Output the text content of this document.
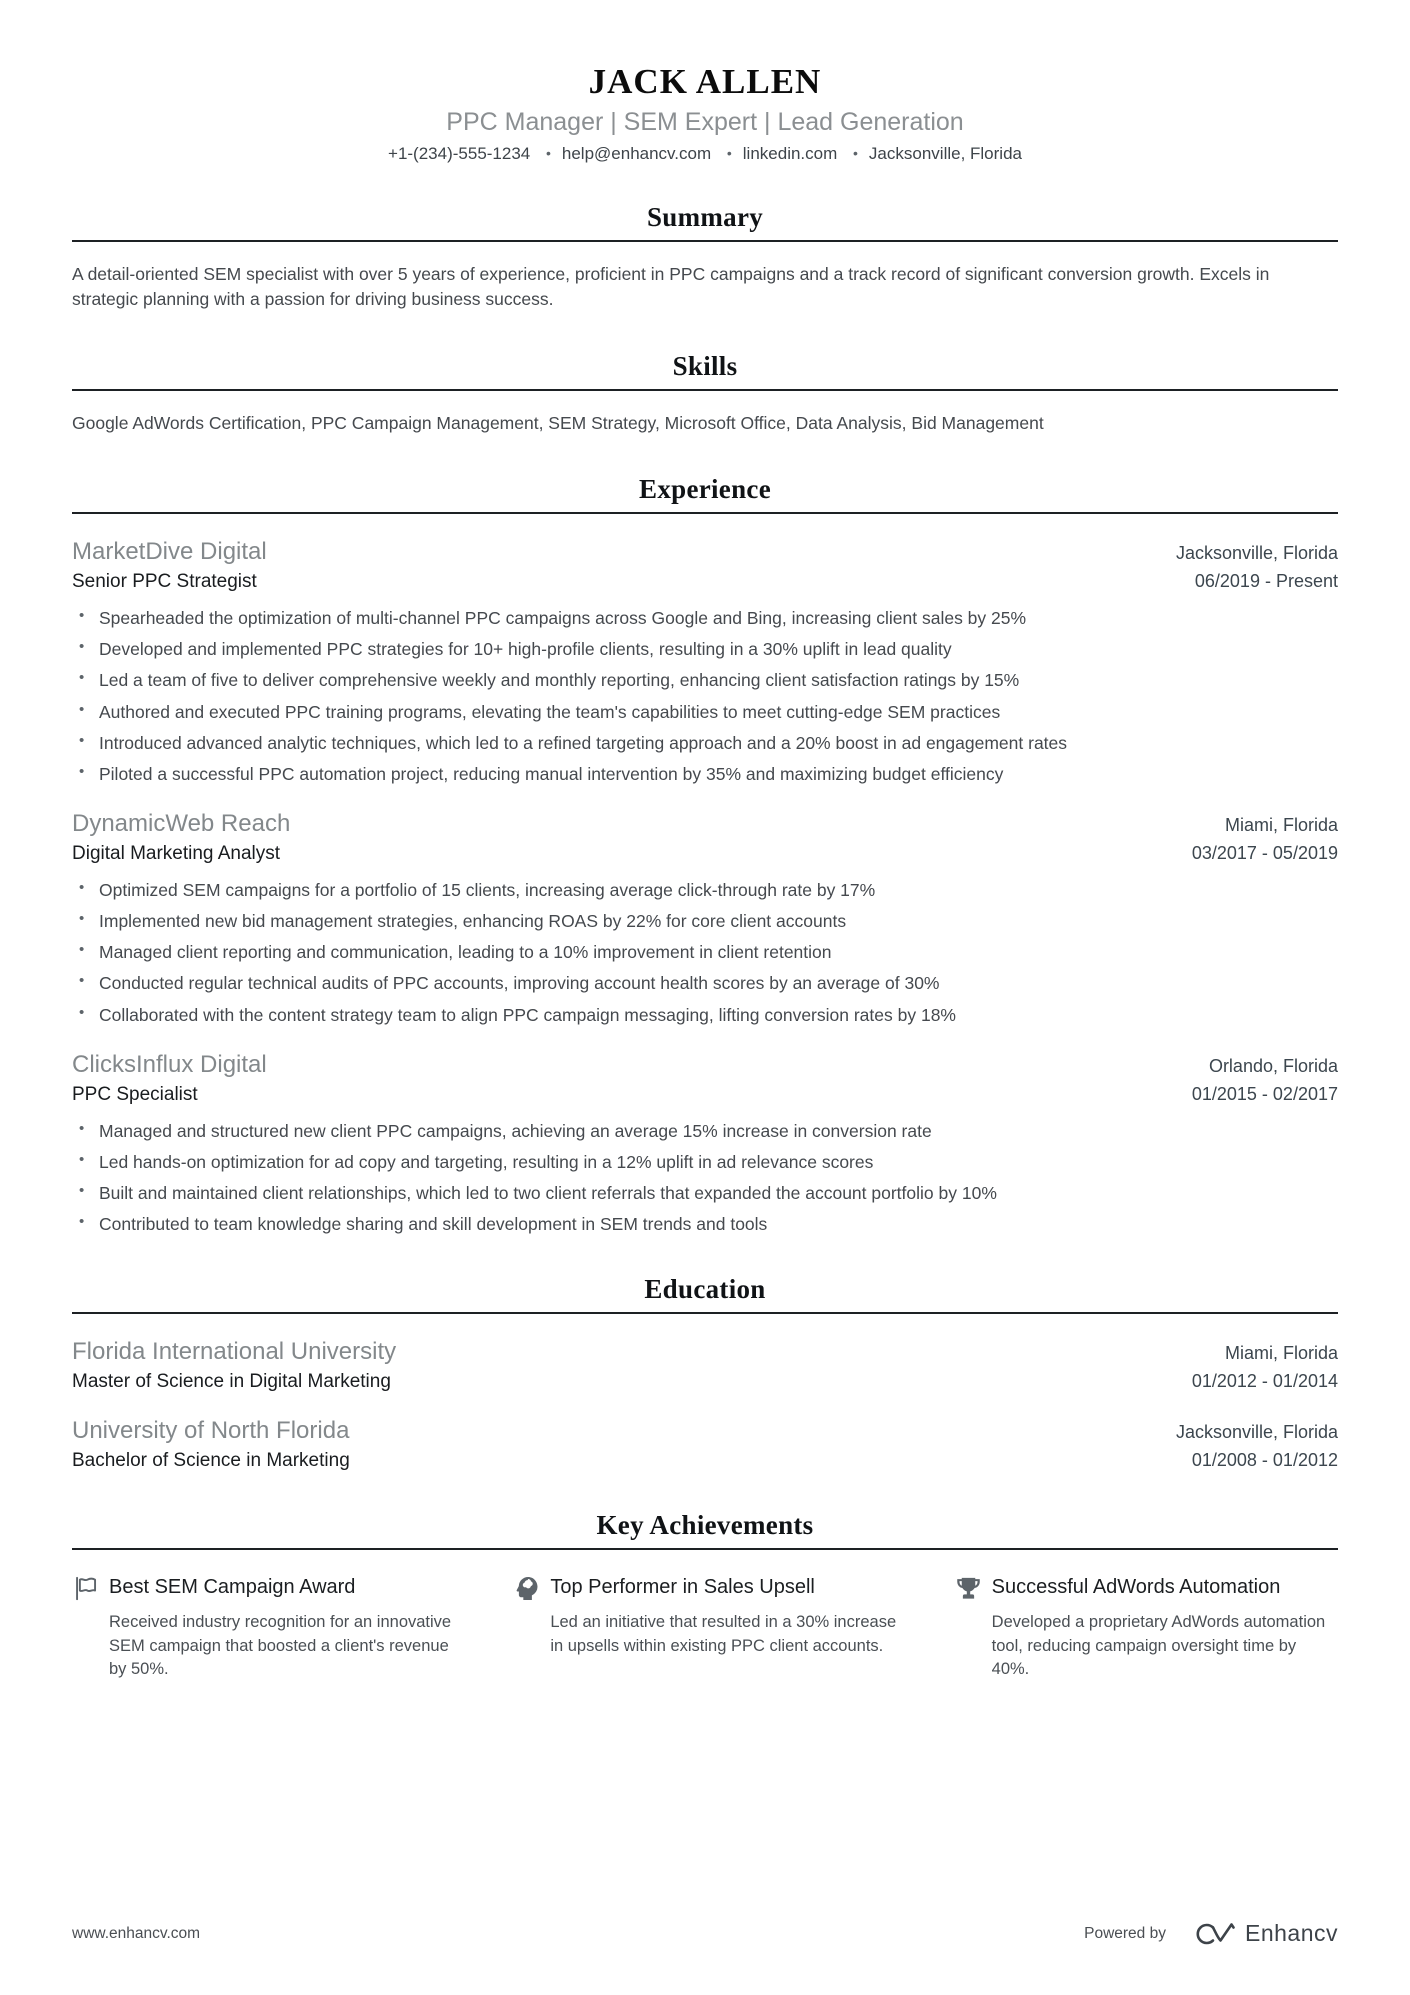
JACK ALLEN
PPC Manager | SEM Expert | Lead Generation
+1-(234)-555-1234 • help@enhancv.com • linkedin.com • Jacksonville, Florida
Summary

A detail-oriented SEM specialist with over 5 years of experience, proficient in PPC campaigns and a track record of significant conversion growth. Excels in strategic planning with a passion for driving business success.

Skills

Google AdWords Certification, PPC Campaign Management, SEM Strategy, Microsoft Office, Data Analysis, Bid Management

Experience
MarketDive Digital	Jacksonville, Florida
Senior PPC Strategist	06/2019 - Present
• Spearheaded the optimization of multi-channel PPC campaigns across Google and Bing, increasing client sales by 25%
• Developed and implemented PPC strategies for 10+ high-profile clients, resulting in a 30% uplift in lead quality
• Led a team of five to deliver comprehensive weekly and monthly reporting, enhancing client satisfaction ratings by 15%
• Authored and executed PPC training programs, elevating the team's capabilities to meet cutting-edge SEM practices
• Introduced advanced analytic techniques, which led to a refined targeting approach and a 20% boost in ad engagement rates
• Piloted a successful PPC automation project, reducing manual intervention by 35% and maximizing budget efficiency
DynamicWeb Reach	Miami, Florida
Digital Marketing Analyst	03/2017 - 05/2019
• Optimized SEM campaigns for a portfolio of 15 clients, increasing average click-through rate by 17%
• Implemented new bid management strategies, enhancing ROAS by 22% for core client accounts
• Managed client reporting and communication, leading to a 10% improvement in client retention
• Conducted regular technical audits of PPC accounts, improving account health scores by an average of 30%
• Collaborated with the content strategy team to align PPC campaign messaging, lifting conversion rates by 18%
ClicksInflux Digital	Orlando, Florida
PPC Specialist	01/2015 - 02/2017
• Managed and structured new client PPC campaigns, achieving an average 15% increase in conversion rate
• Led hands-on optimization for ad copy and targeting, resulting in a 12% uplift in ad relevance scores
• Built and maintained client relationships, which led to two client referrals that expanded the account portfolio by 10%
• Contributed to team knowledge sharing and skill development in SEM trends and tools
Education
Florida International University	Miami, Florida
Master of Science in Digital Marketing	01/2012 - 01/2014
University of North Florida	Jacksonville, Florida
Bachelor of Science in Marketing	01/2008 - 01/2012
Key Achievements
Best SEM Campaign Award

Received industry recognition for an innovative SEM campaign that boosted a client's revenue by 50%.

Top Performer in Sales Upsell

Led an initiative that resulted in a 30% increase in upsells within existing PPC client accounts.

Successful AdWords Automation

Developed a proprietary AdWords automation tool, reducing campaign oversight time by 40%.

www.enhancv.com	Powered by	Enhancv
